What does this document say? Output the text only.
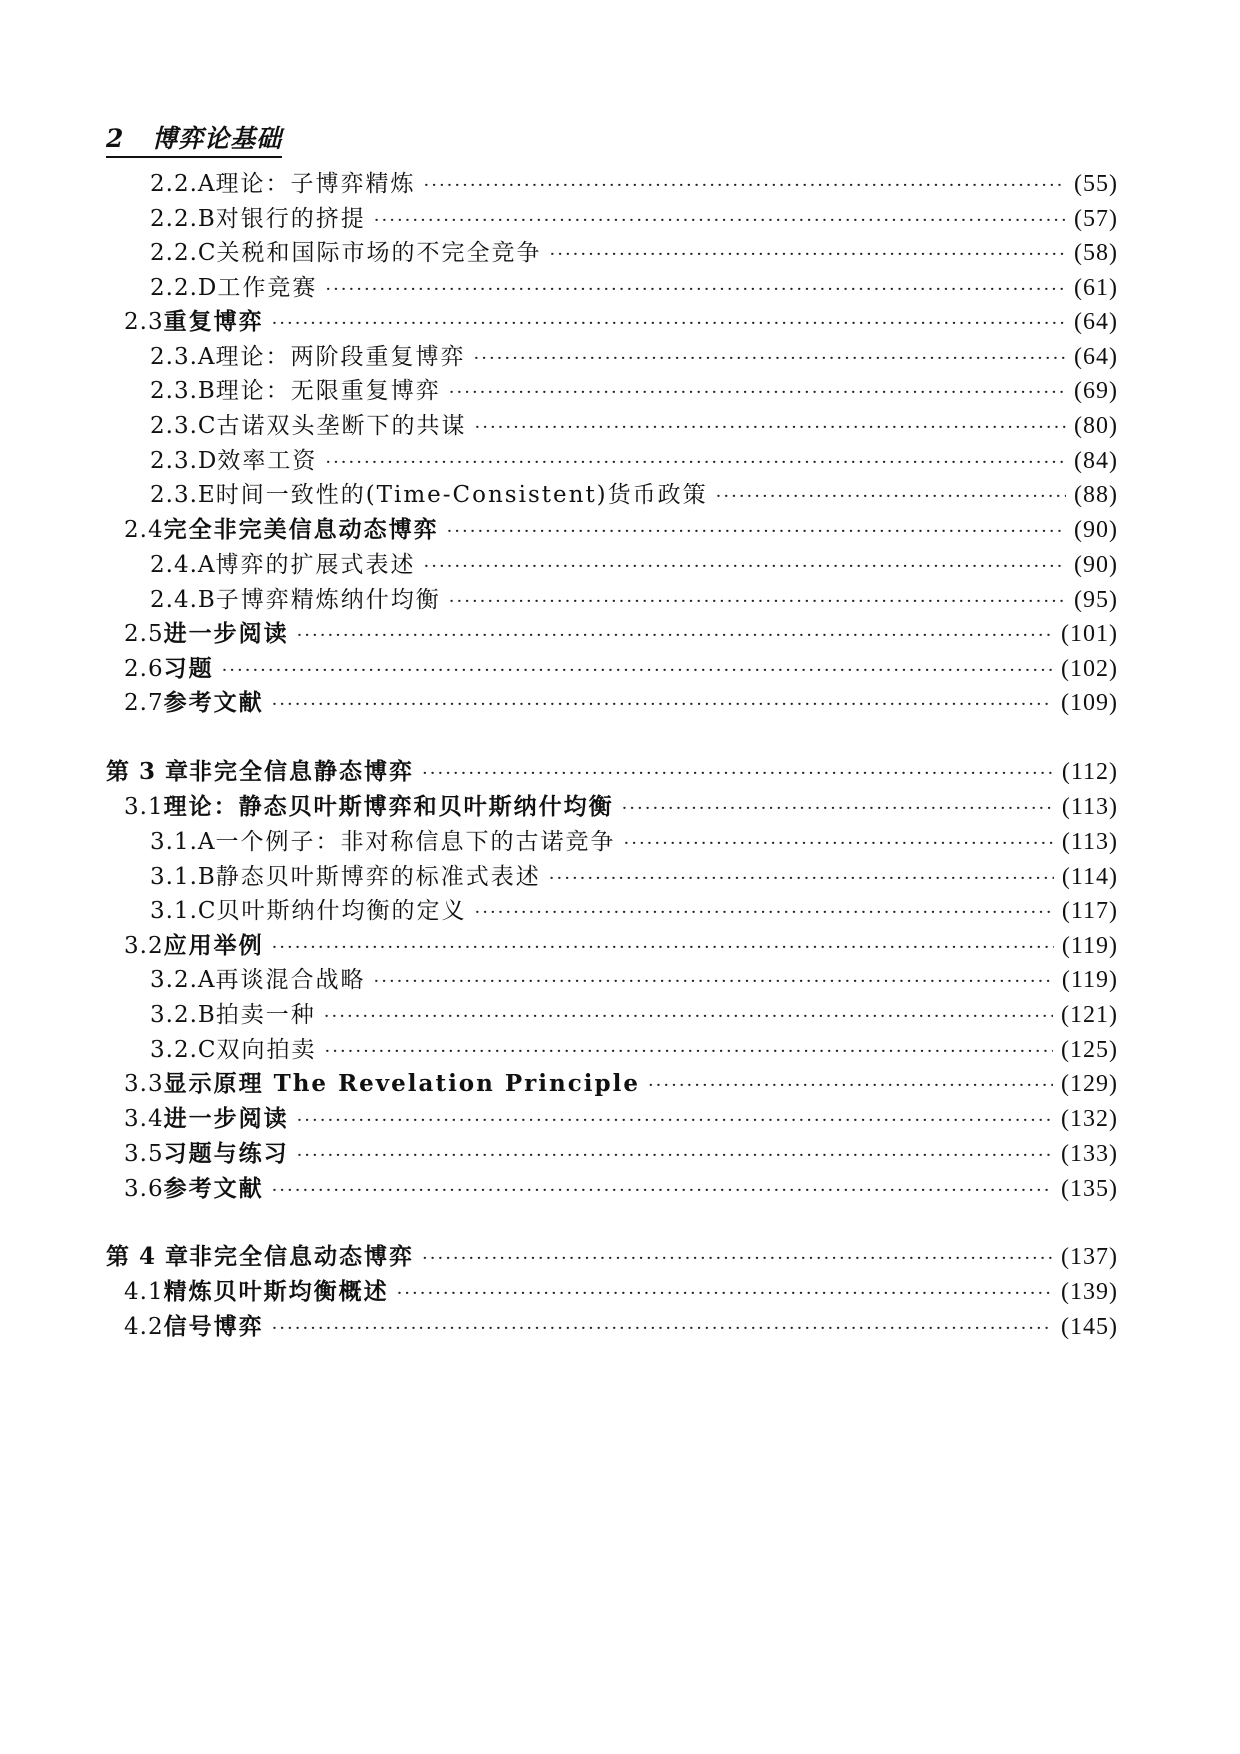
2 博弈论基础
2.2.A 理论：子博弈精炼 ·····	(55)
2.2.B 对银行的挤提 ·····	(57)
2.2.C 关税和国际市场的不完全竞争 ·····	(58)
2.2.D 工作竞赛 ·····	(61)
2.3 重复博弈 ·····	(64)
2.3.A 理论：两阶段重复博弈 ·····	(64)
2.3.B 理论：无限重复博弈 ·····	(69)
2.3.C 古诺双头垄断下的共谋 ·····	(80)
2.3.D 效率工资 ·····	(84)
2.3.E 时间一致性的(Time-Consistent)货币政策 ·····	(88)
2.4 完全非完美信息动态博弈 ·····	(90)
2.4.A 博弈的扩展式表述 ·····	(90)
2.4.B 子博弈精炼纳什均衡 ·····	(95)
2.5 进一步阅读 ·····	(101)
2.6 习题 ·····	(102)
2.7 参考文献 ·····	(109)
第 3 章 非完全信息静态博弈 ·····	(112)
3.1 理论：静态贝叶斯博弈和贝叶斯纳什均衡 ·····	(113)
3.1.A 一个例子：非对称信息下的古诺竞争 ·····	(113)
3.1.B 静态贝叶斯博弈的标准式表述 ·····	(114)
3.1.C 贝叶斯纳什均衡的定义 ·····	(117)
3.2 应用举例 ·····	(119)
3.2.A 再谈混合战略 ·····	(119)
3.2.B 拍卖一种 ·····	(121)
3.2.C 双向拍卖 ·····	(125)
3.3 显示原理 The Revelation Principle ·····	(129)
3.4 进一步阅读 ·····	(132)
3.5 习题与练习 ·····	(133)
3.6 参考文献 ·····	(135)
第 4 章 非完全信息动态博弈 ·····	(137)
4.1 精炼贝叶斯均衡概述 ·····	(139)
4.2 信号博弈 ·····	(145)
